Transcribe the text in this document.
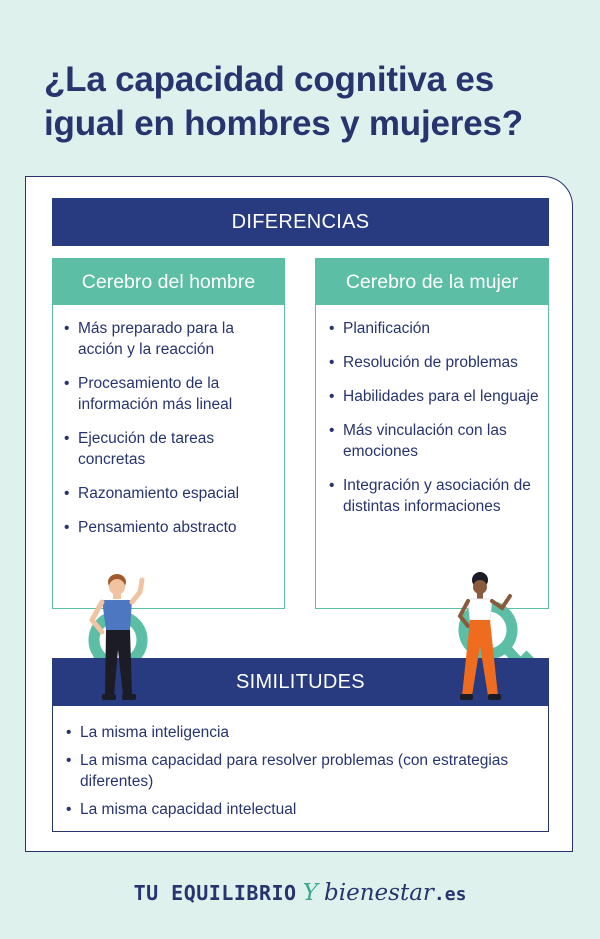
¿La capacidad cognitiva es
igual en hombres y mujeres?
DIFERENCIAS
Cerebro del hombre	Cerebro de la mujer
• Más preparado para la acción y la reacción
• Procesamiento de la información más lineal
• Ejecución de tareas concretas
• Razonamiento espacial
• Pensamiento abstracto
• Planificación
• Resolución de problemas
• Habilidades para el lenguaje
• Más vinculación con las emociones
• Integración y asociación de distintas informaciones
SIMILITUDES
• La misma inteligencia
• La misma capacidad para resolver problemas (con estrategias diferentes)
• La misma capacidad intelectual
TU EQUILIBRIO Y bienestar.es
